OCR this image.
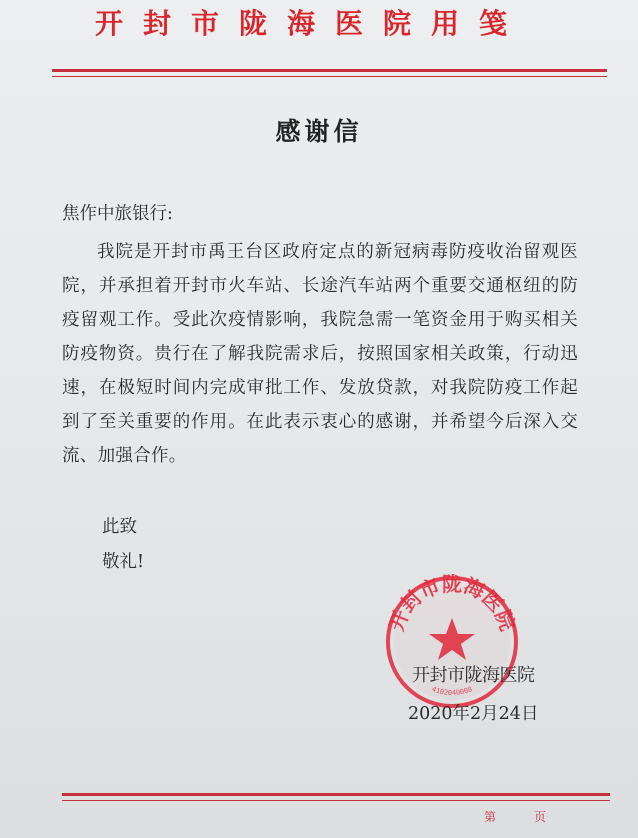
开封市陇海医院用笺
感谢信
焦作中旅银行:
我院是开封市禹王台区政府定点的新冠病毒防疫收治留观医院，并承担着开封市火车站、长途汽车站两个重要交通枢纽的防疫留观工作。受此次疫情影响，我院急需一笔资金用于购买相关防疫物资。贵行在了解我院需求后，按照国家相关政策，行动迅速，在极短时间内完成审批工作、发放贷款，对我院防疫工作起到了至关重要的作用。在此表示衷心的感谢，并希望今后深入交流、加强合作。
此致
敬礼!
开封市陇海医院
4102040008
开封市陇海医院
2020年2月24日
第	页
